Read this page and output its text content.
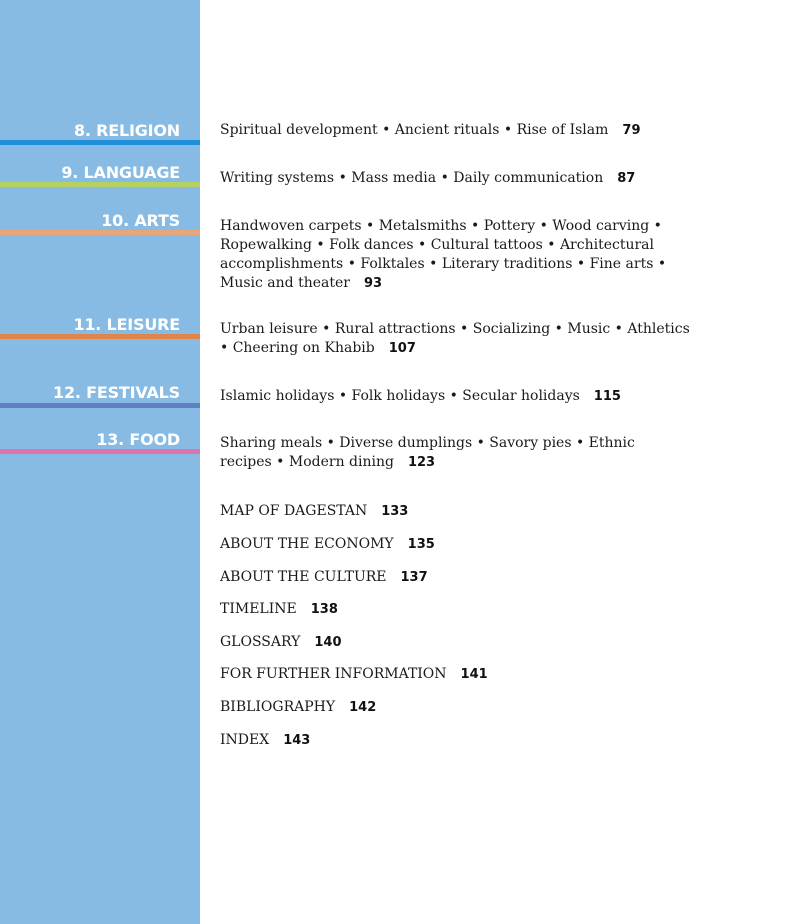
8. RELIGION	Spiritual development • Ancient rituals • Rise of Islam 79

9. LANGUAGE	Writing systems • Mass media • Daily communication 87

10. ARTS	Handwoven carpets • Metalsmiths • Pottery • Wood carving • Ropewalking • Folk dances • Cultural tattoos • Architectural accomplishments • Folktales • Literary traditions • Fine arts • Music and theater 93

11. LEISURE	Urban leisure • Rural attractions • Socializing • Music • Athletics • Cheering on Khabib 107

12. FESTIVALS	Islamic holidays • Folk holidays • Secular holidays 115

13. FOOD	Sharing meals • Diverse dumplings • Savory pies • Ethnic recipes • Modern dining 123

MAP OF DAGESTAN 133

ABOUT THE ECONOMY 135

ABOUT THE CULTURE 137

TIMELINE 138

GLOSSARY 140

FOR FURTHER INFORMATION 141

BIBLIOGRAPHY 142

INDEX 143
